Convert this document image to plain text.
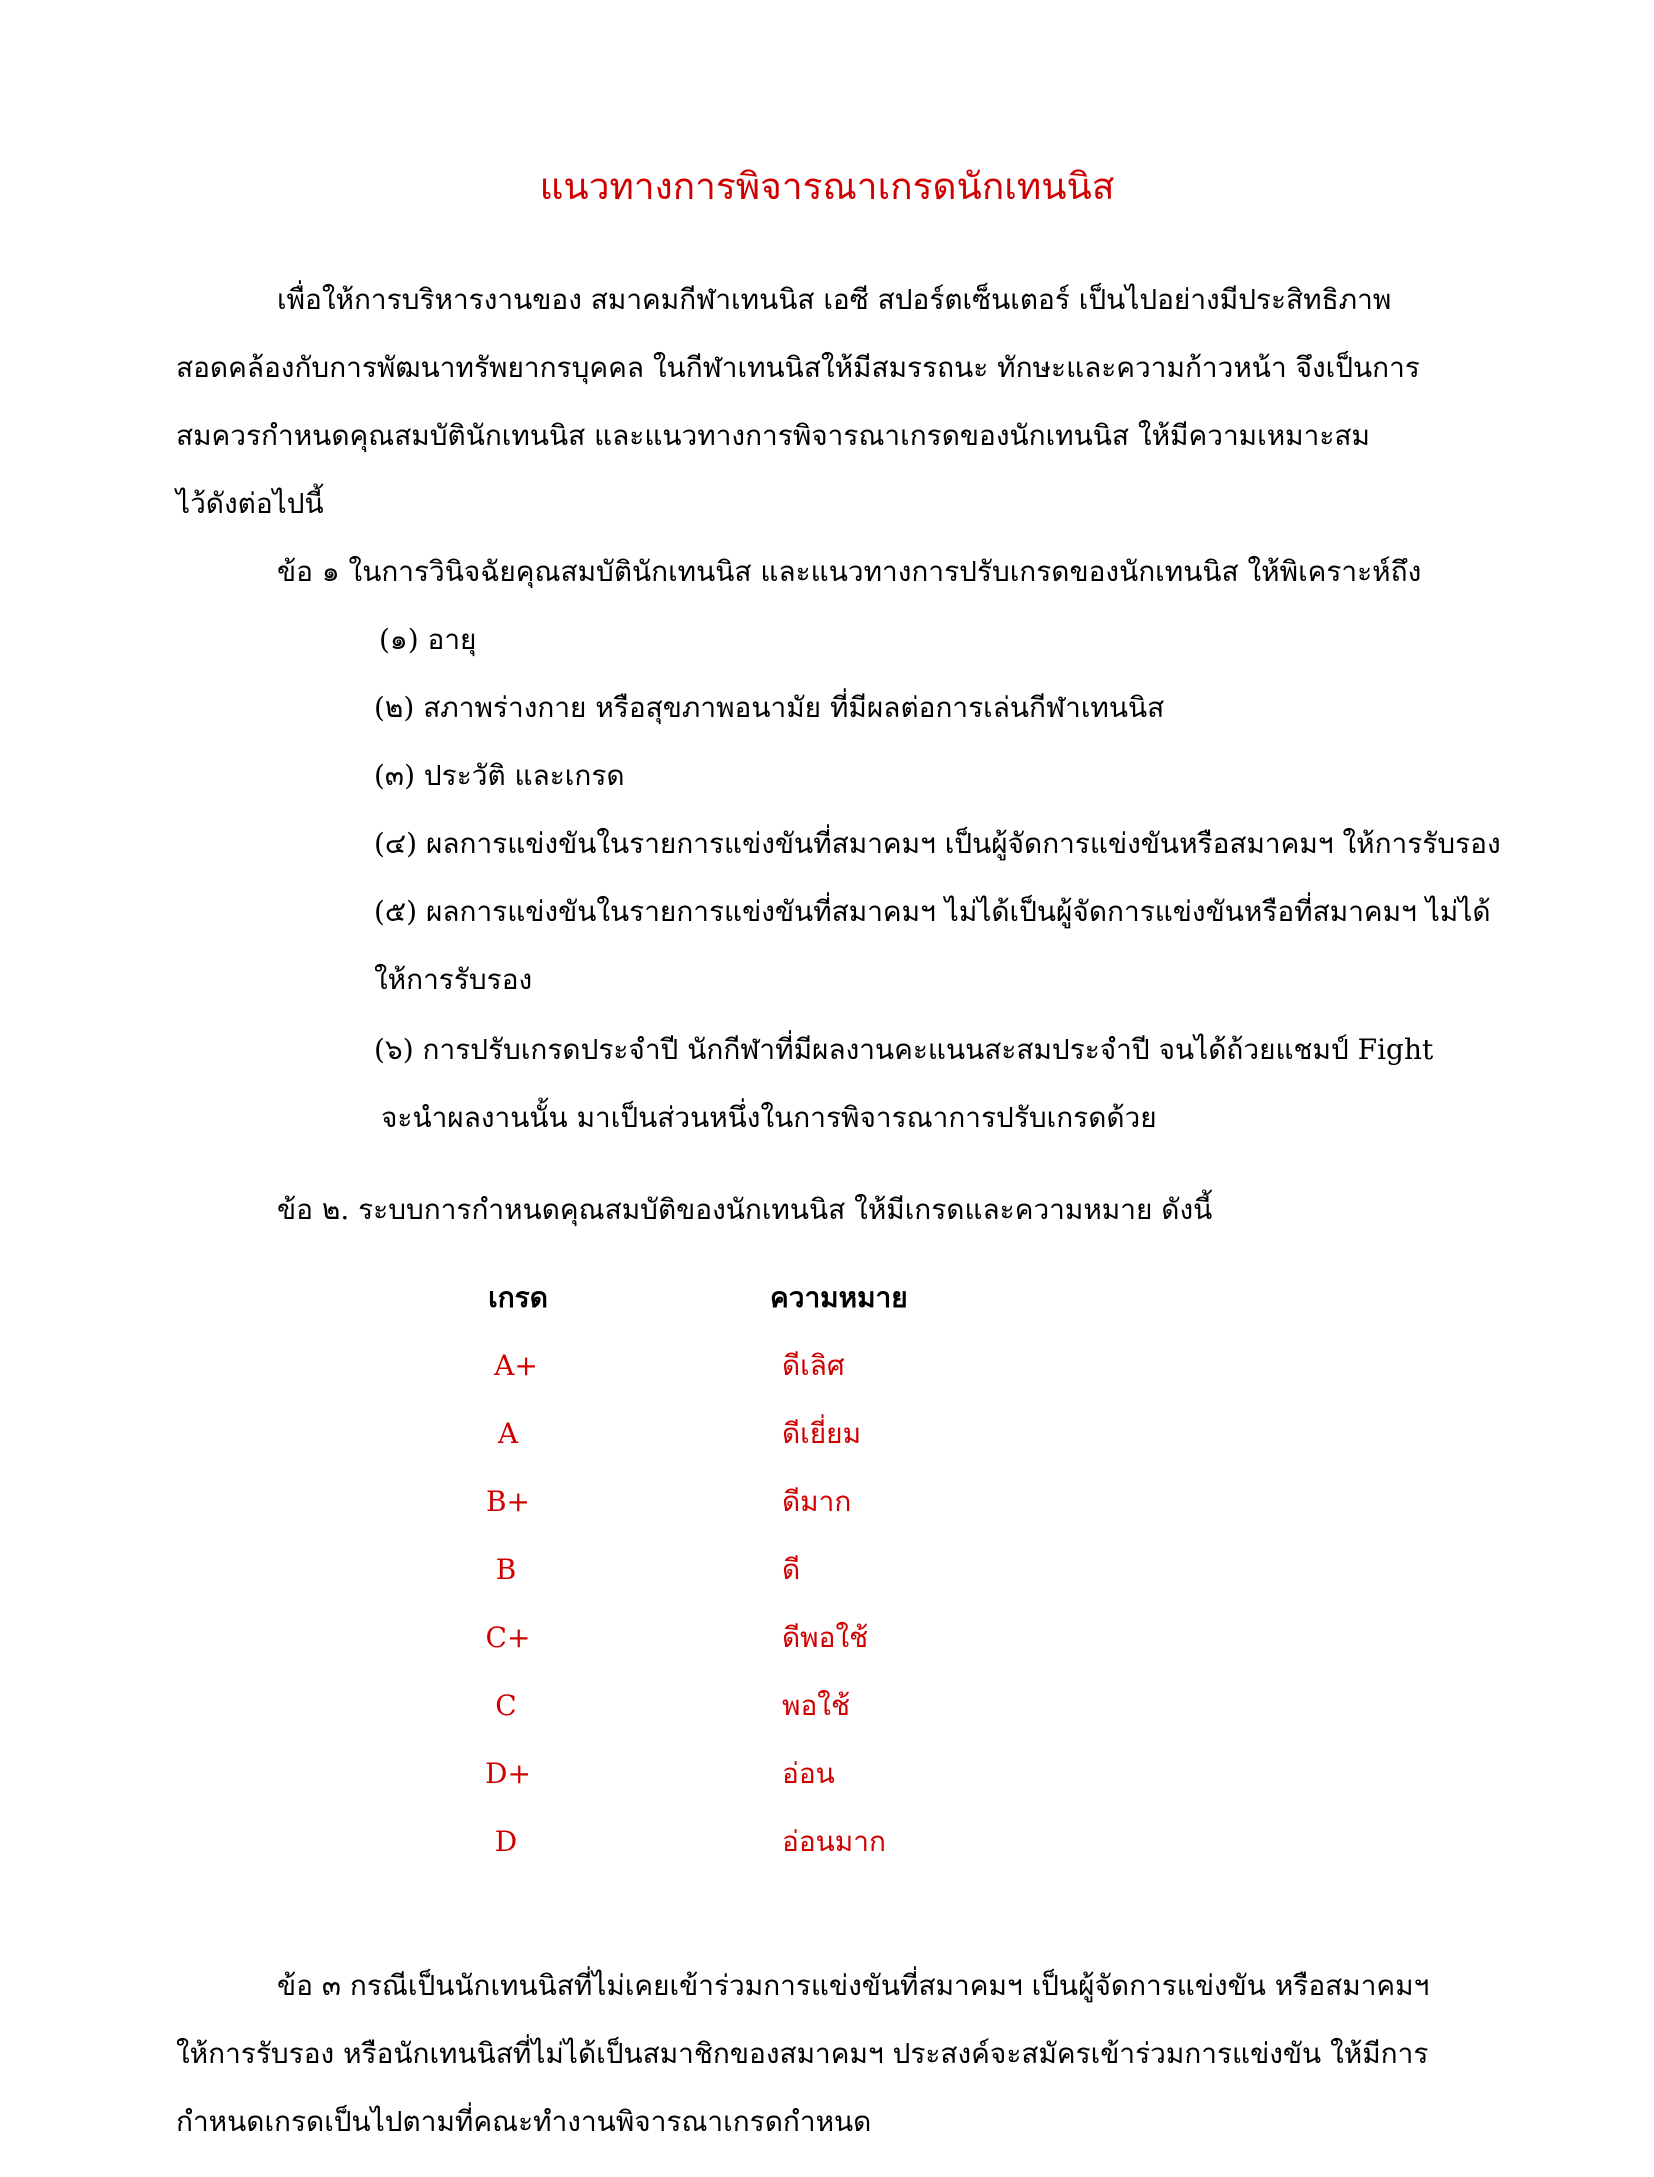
แนวทางการพิจารณาเกรดนักเทนนิส
เพื่อให้การบริหารงานของ สมาคมกีฬาเทนนิส เอซี สปอร์ตเซ็นเตอร์ เป็นไปอย่างมีประสิทธิภาพ
สอดคล้องกับการพัฒนาทรัพยากรบุคคล ในกีฬาเทนนิสให้มีสมรรถนะ ทักษะและความก้าวหน้า จึงเป็นการ
สมควรกำหนดคุณสมบัตินักเทนนิส และแนวทางการพิจารณาเกรดของนักเทนนิส ให้มีความเหมาะสม
ไว้ดังต่อไปนี้
ข้อ ๑ ในการวินิจฉัยคุณสมบัตินักเทนนิส และแนวทางการปรับเกรดของนักเทนนิส ให้พิเคราะห์ถึง
(๑) อายุ
(๒) สภาพร่างกาย หรือสุขภาพอนามัย ที่มีผลต่อการเล่นกีฬาเทนนิส
(๓) ประวัติ และเกรด
(๔) ผลการแข่งขันในรายการแข่งขันที่สมาคมฯ เป็นผู้จัดการแข่งขันหรือสมาคมฯ ให้การรับรอง
(๕) ผลการแข่งขันในรายการแข่งขันที่สมาคมฯ ไม่ได้เป็นผู้จัดการแข่งขันหรือที่สมาคมฯ ไม่ได้
ให้การรับรอง
(๖) การปรับเกรดประจำปี นักกีฬาที่มีผลงานคะแนนสะสมประจำปี จนได้ถ้วยแชมป์ Fight
จะนำผลงานนั้น มาเป็นส่วนหนึ่งในการพิจารณาการปรับเกรดด้วย
ข้อ ๒. ระบบการกำหนดคุณสมบัติของนักเทนนิส ให้มีเกรดและความหมาย ดังนี้
เกรด	ความหมาย
A+	ดีเลิศ
A	ดีเยี่ยม
B+	ดีมาก
B	ดี
C+	ดีพอใช้
C	พอใช้
D+	อ่อน
D	อ่อนมาก
ข้อ ๓ กรณีเป็นนักเทนนิสที่ไม่เคยเข้าร่วมการแข่งขันที่สมาคมฯ เป็นผู้จัดการแข่งขัน หรือสมาคมฯ
ให้การรับรอง หรือนักเทนนิสที่ไม่ได้เป็นสมาชิกของสมาคมฯ ประสงค์จะสมัครเข้าร่วมการแข่งขัน ให้มีการ
กำหนดเกรดเป็นไปตามที่คณะทำงานพิจารณาเกรดกำหนด
